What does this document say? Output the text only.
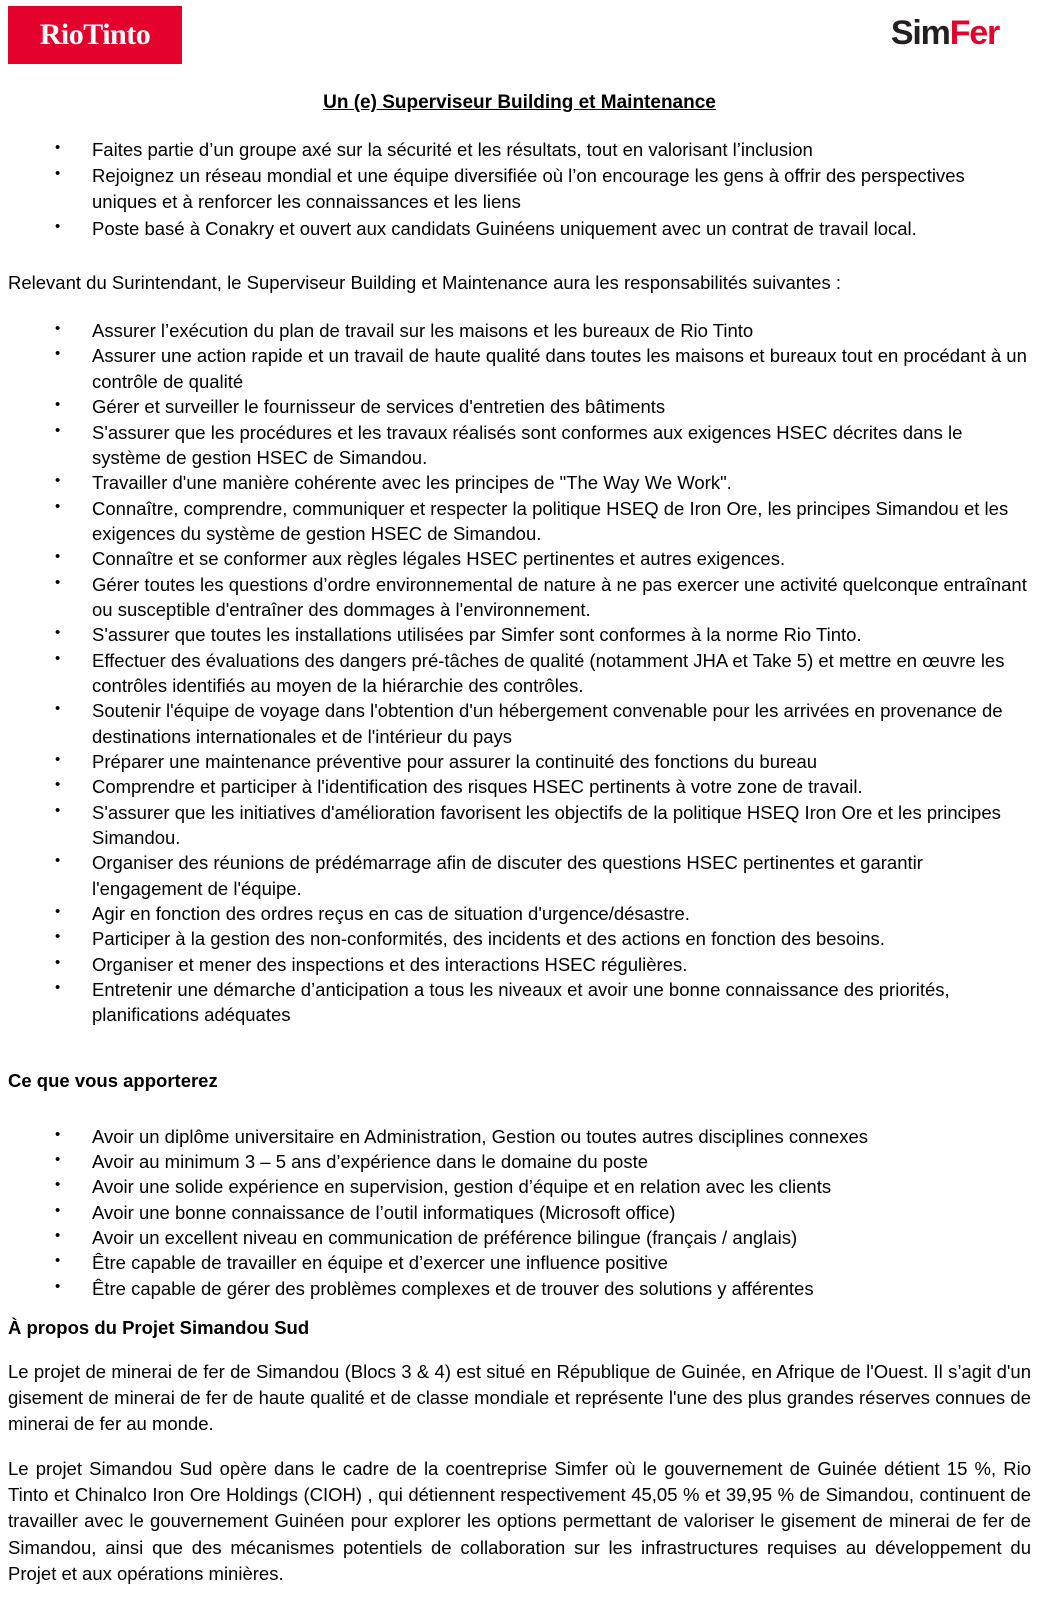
RioTinto	SimFer
Un (e) Superviseur Building et Maintenance
• Faites partie d’un groupe axé sur la sécurité et les résultats, tout en valorisant l’inclusion
• Rejoignez un réseau mondial et une équipe diversifiée où l’on encourage les gens à offrir des perspectives uniques et à renforcer les connaissances et les liens
• Poste basé à Conakry et ouvert aux candidats Guinéens uniquement avec un contrat de travail local.

Relevant du Surintendant, le Superviseur Building et Maintenance aura les responsabilités suivantes :

• Assurer l’exécution du plan de travail sur les maisons et les bureaux de Rio Tinto
• Assurer une action rapide et un travail de haute qualité dans toutes les maisons et bureaux tout en procédant à un contrôle de qualité
• Gérer et surveiller le fournisseur de services d'entretien des bâtiments
• S'assurer que les procédures et les travaux réalisés sont conformes aux exigences HSEC décrites dans le système de gestion HSEC de Simandou.
• Travailler d'une manière cohérente avec les principes de "The Way We Work".
• Connaître, comprendre, communiquer et respecter la politique HSEQ de Iron Ore, les principes Simandou et les exigences du système de gestion HSEC de Simandou.
• Connaître et se conformer aux règles légales HSEC pertinentes et autres exigences.
• Gérer toutes les questions d’ordre environnemental de nature à ne pas exercer une activité quelconque entraînant ou susceptible d'entraîner des dommages à l'environnement.
• S'assurer que toutes les installations utilisées par Simfer sont conformes à la norme Rio Tinto.
• Effectuer des évaluations des dangers pré-tâches de qualité (notamment JHA et Take 5) et mettre en œuvre les contrôles identifiés au moyen de la hiérarchie des contrôles.
• Soutenir l'équipe de voyage dans l'obtention d'un hébergement convenable pour les arrivées en provenance de destinations internationales et de l'intérieur du pays
• Préparer une maintenance préventive pour assurer la continuité des fonctions du bureau
• Comprendre et participer à l'identification des risques HSEC pertinents à votre zone de travail.
• S'assurer que les initiatives d'amélioration favorisent les objectifs de la politique HSEQ Iron Ore et les principes Simandou.
• Organiser des réunions de prédémarrage afin de discuter des questions HSEC pertinentes et garantir l'engagement de l'équipe.
• Agir en fonction des ordres reçus en cas de situation d'urgence/désastre.
• Participer à la gestion des non-conformités, des incidents et des actions en fonction des besoins.
• Organiser et mener des inspections et des interactions HSEC régulières.
• Entretenir une démarche d’anticipation a tous les niveaux et avoir une bonne connaissance des priorités, planifications adéquates

Ce que vous apporterez

• Avoir un diplôme universitaire en Administration, Gestion ou toutes autres disciplines connexes
• Avoir au minimum 3 – 5 ans d’expérience dans le domaine du poste
• Avoir une solide expérience en supervision, gestion d’équipe et en relation avec les clients
• Avoir une bonne connaissance de l’outil informatiques (Microsoft office)
• Avoir un excellent niveau en communication de préférence bilingue (français / anglais)
• Être capable de travailler en équipe et d’exercer une influence positive
• Être capable de gérer des problèmes complexes et de trouver des solutions y afférentes

À propos du Projet Simandou Sud

Le projet de minerai de fer de Simandou (Blocs 3 & 4) est situé en République de Guinée, en Afrique de l'Ouest. Il s’agit d'un gisement de minerai de fer de haute qualité et de classe mondiale et représente l'une des plus grandes réserves connues de minerai de fer au monde.

Le projet Simandou Sud opère dans le cadre de la coentreprise Simfer où le gouvernement de Guinée détient 15 %, Rio Tinto et Chinalco Iron Ore Holdings (CIOH) , qui détiennent respectivement 45,05 % et 39,95 % de Simandou, continuent de travailler avec le gouvernement Guinéen pour explorer les options permettant de valoriser le gisement de minerai de fer de Simandou, ainsi que des mécanismes potentiels de collaboration sur les infrastructures requises au développement du Projet et aux opérations minières.
